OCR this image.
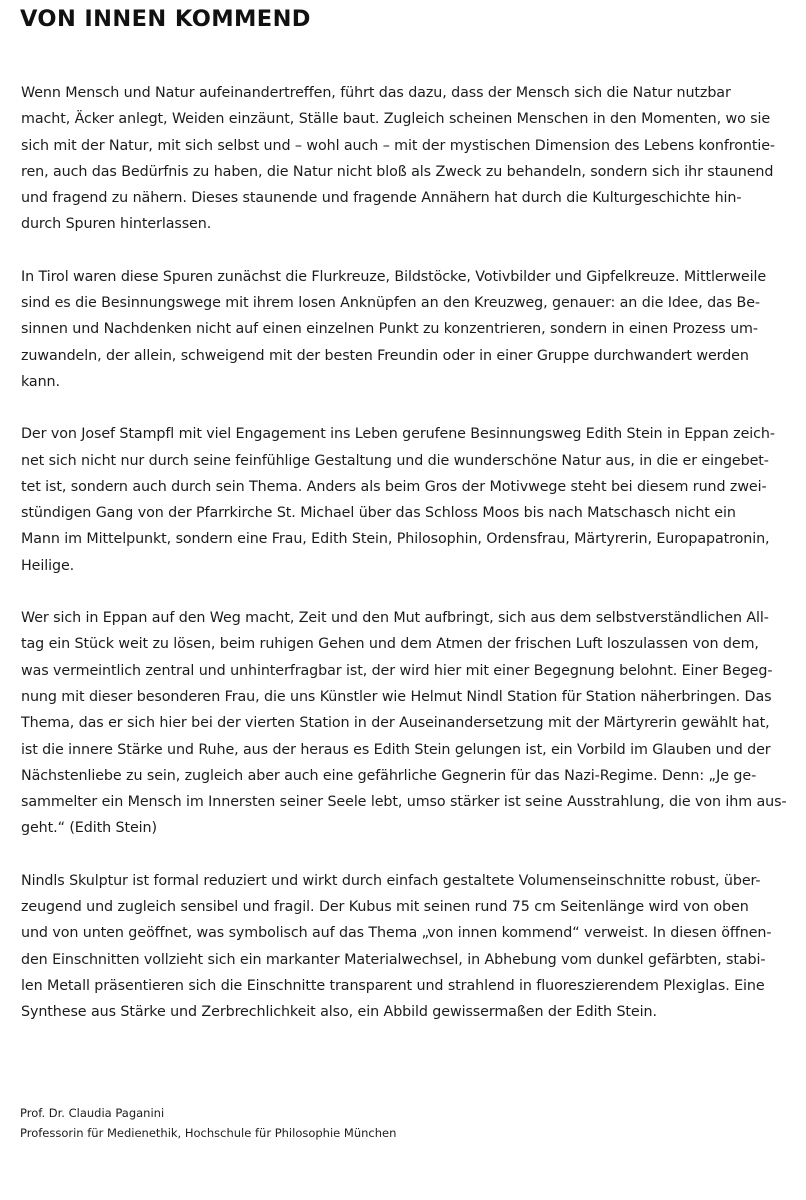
VON INNEN KOMMEND

Wenn Mensch und Natur aufeinandertreffen, führt das dazu, dass der Mensch sich die Natur nutzbar
macht, Äcker anlegt, Weiden einzäunt, Ställe baut. Zugleich scheinen Menschen in den Momenten, wo sie
sich mit der Natur, mit sich selbst und – wohl auch – mit der mystischen Dimension des Lebens konfrontie-
ren, auch das Bedürfnis zu haben, die Natur nicht bloß als Zweck zu behandeln, sondern sich ihr staunend
und fragend zu nähern. Dieses staunende und fragende Annähern hat durch die Kulturgeschichte hin-
durch Spuren hinterlassen.

In Tirol waren diese Spuren zunächst die Flurkreuze, Bildstöcke, Votivbilder und Gipfelkreuze. Mittlerweile
sind es die Besinnungswege mit ihrem losen Anknüpfen an den Kreuzweg, genauer: an die Idee, das Be-
sinnen und Nachdenken nicht auf einen einzelnen Punkt zu konzentrieren, sondern in einen Prozess um-
zuwandeln, der allein, schweigend mit der besten Freundin oder in einer Gruppe durchwandert werden
kann.

Der von Josef Stampfl mit viel Engagement ins Leben gerufene Besinnungsweg Edith Stein in Eppan zeich-
net sich nicht nur durch seine feinfühlige Gestaltung und die wunderschöne Natur aus, in die er eingebet-
tet ist, sondern auch durch sein Thema. Anders als beim Gros der Motivwege steht bei diesem rund zwei-
stündigen Gang von der Pfarrkirche St. Michael über das Schloss Moos bis nach Matschasch nicht ein
Mann im Mittelpunkt, sondern eine Frau, Edith Stein, Philosophin, Ordensfrau, Märtyrerin, Europapatronin,
Heilige.

Wer sich in Eppan auf den Weg macht, Zeit und den Mut aufbringt, sich aus dem selbstverständlichen All-
tag ein Stück weit zu lösen, beim ruhigen Gehen und dem Atmen der frischen Luft loszulassen von dem,
was vermeintlich zentral und unhinterfragbar ist, der wird hier mit einer Begegnung belohnt. Einer Begeg-
nung mit dieser besonderen Frau, die uns Künstler wie Helmut Nindl Station für Station näherbringen. Das
Thema, das er sich hier bei der vierten Station in der Auseinandersetzung mit der Märtyrerin gewählt hat,
ist die innere Stärke und Ruhe, aus der heraus es Edith Stein gelungen ist, ein Vorbild im Glauben und der
Nächstenliebe zu sein, zugleich aber auch eine gefährliche Gegnerin für das Nazi-Regime. Denn: „Je ge-
sammelter ein Mensch im Innersten seiner Seele lebt, umso stärker ist seine Ausstrahlung, die von ihm aus-
geht.“ (Edith Stein)

Nindls Skulptur ist formal reduziert und wirkt durch einfach gestaltete Volumenseinschnitte robust, über-
zeugend und zugleich sensibel und fragil. Der Kubus mit seinen rund 75 cm Seitenlänge wird von oben
und von unten geöffnet, was symbolisch auf das Thema „von innen kommend“ verweist. In diesen öffnen-
den Einschnitten vollzieht sich ein markanter Materialwechsel, in Abhebung vom dunkel gefärbten, stabi-
len Metall präsentieren sich die Einschnitte transparent und strahlend in fluoreszierendem Plexiglas. Eine
Synthese aus Stärke und Zerbrechlichkeit also, ein Abbild gewissermaßen der Edith Stein.

Prof. Dr. Claudia Paganini
Professorin für Medienethik, Hochschule für Philosophie München
